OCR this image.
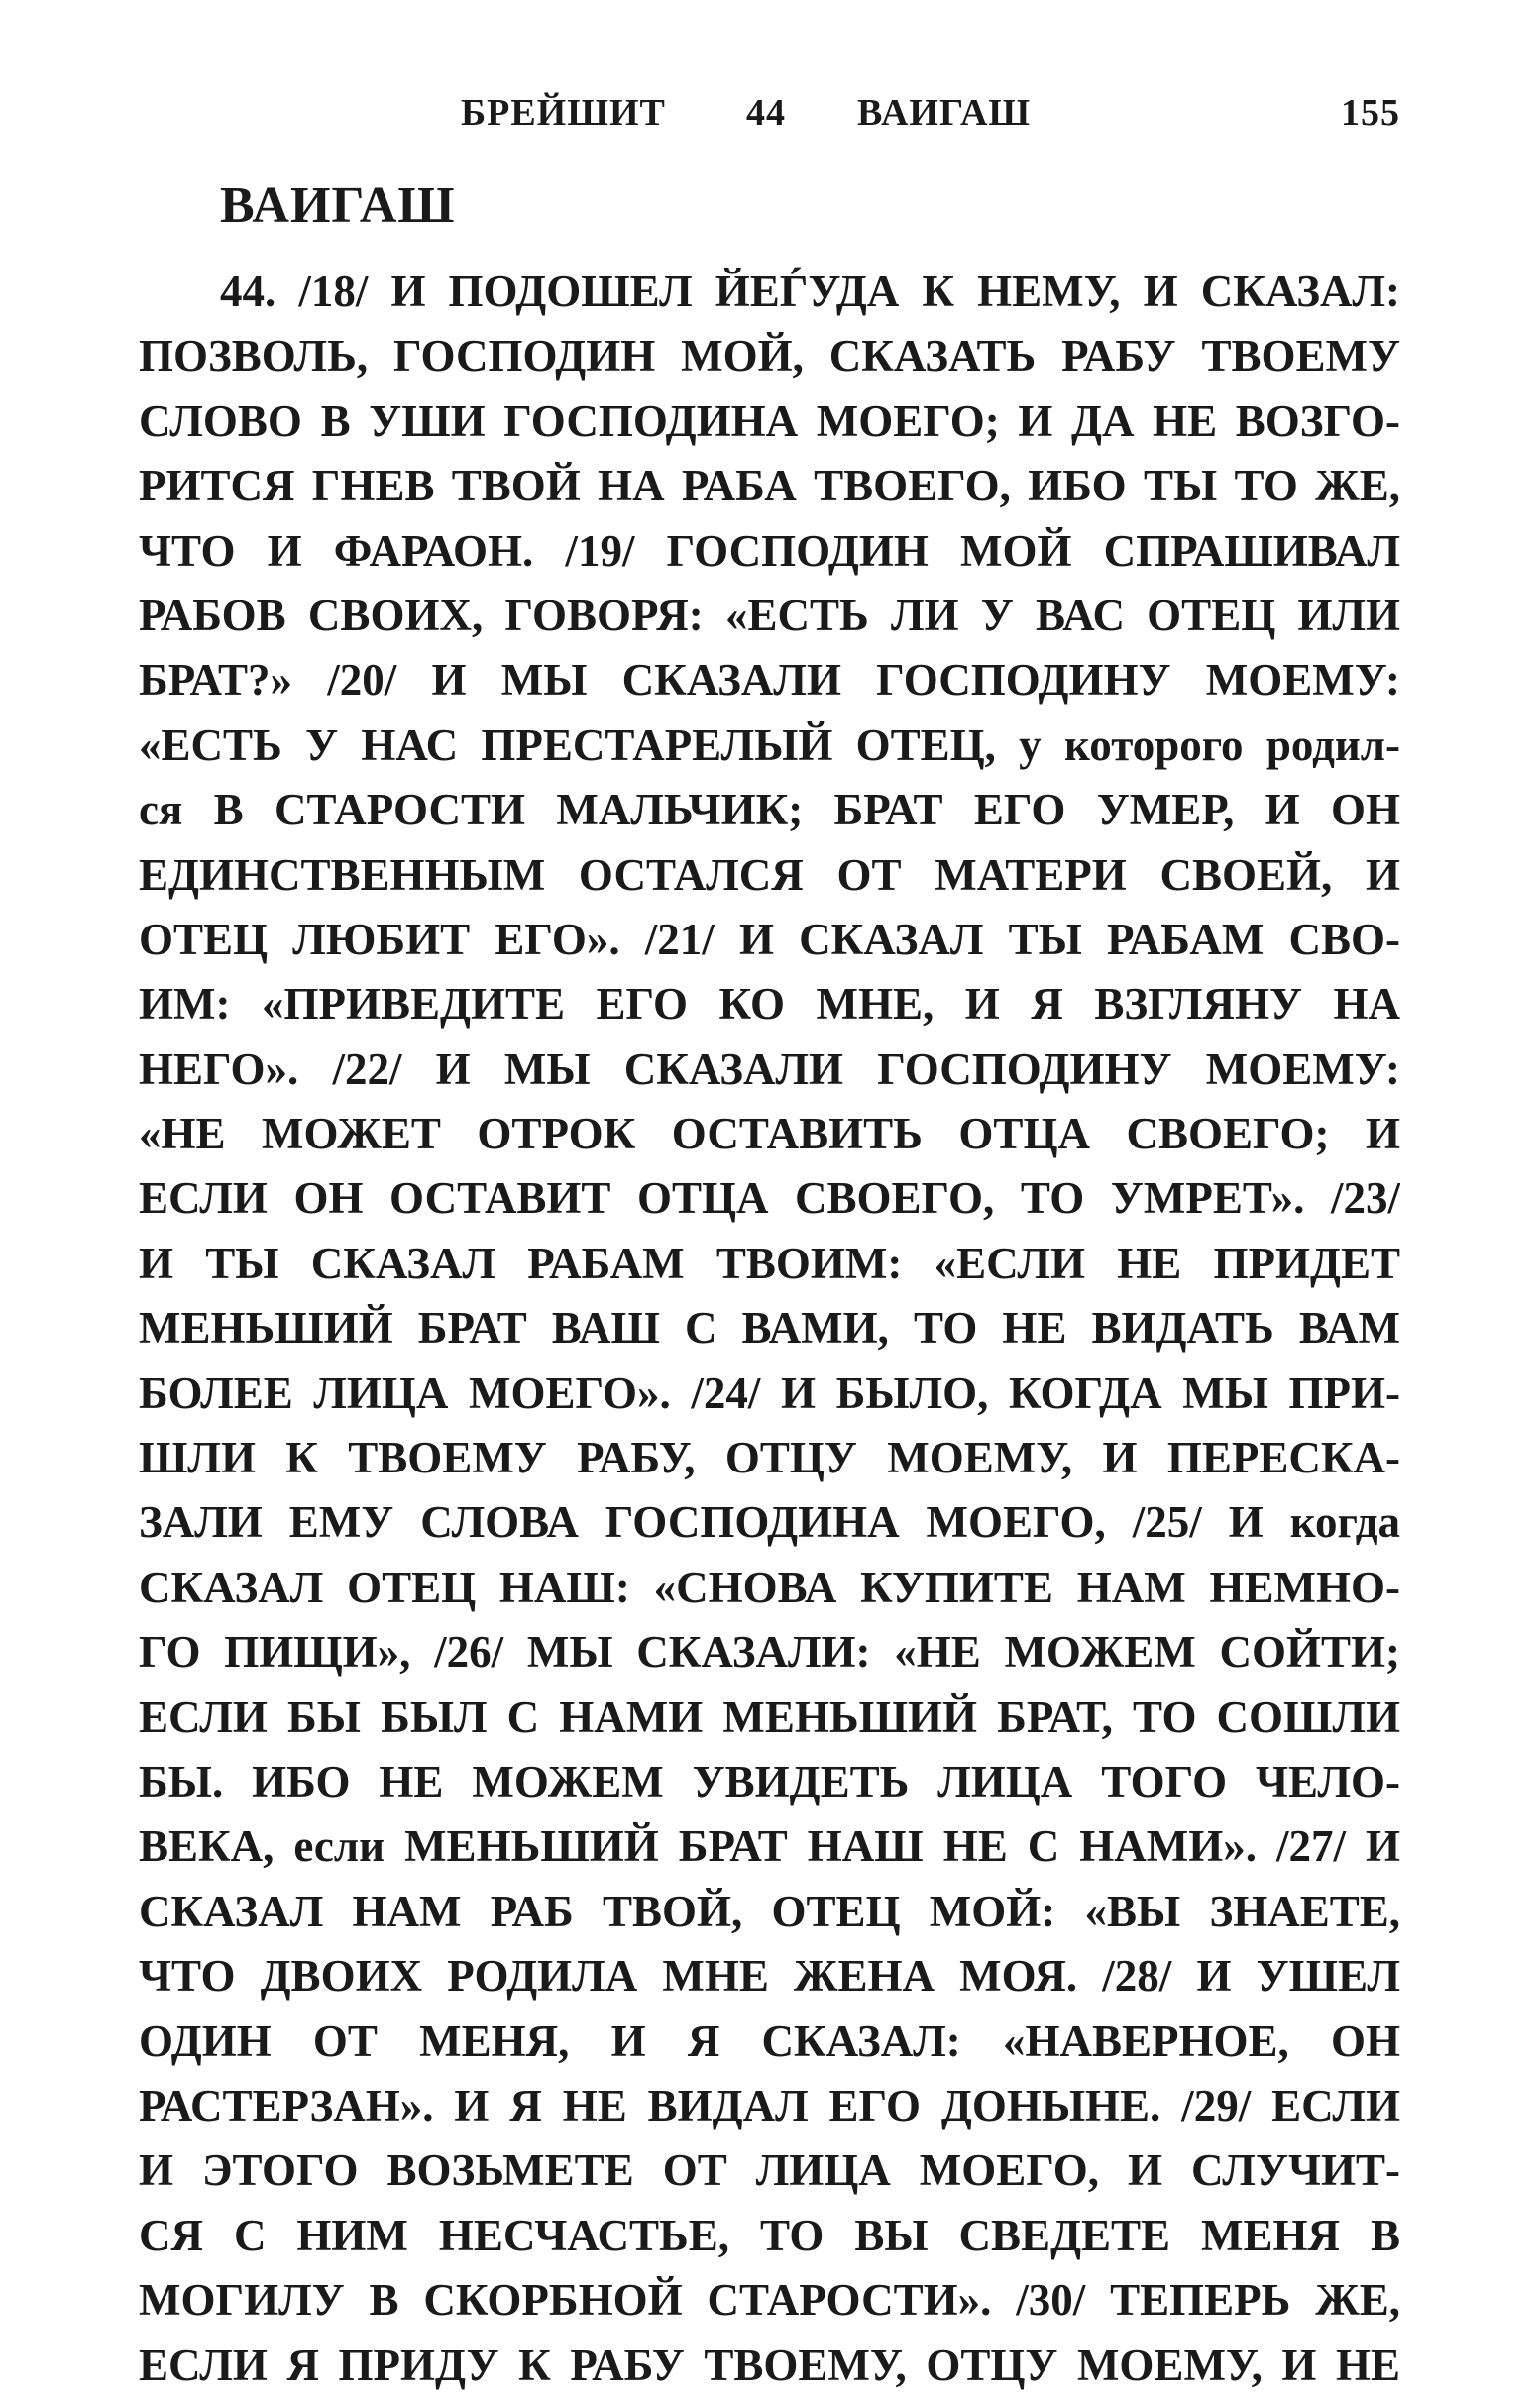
БРЕЙШИТ 44 ВАИГАШ	155
ВАИГАШ
44. /18/ И ПОДОШЕЛ ЙЕЃУДА К НЕМУ, И СКАЗАЛ:
ПОЗВОЛЬ, ГОСПОДИН МОЙ, СКАЗАТЬ РАБУ ТВОЕМУ
СЛОВО В УШИ ГОСПОДИНА МОЕГО; И ДА НЕ ВОЗГО-
РИТСЯ ГНЕВ ТВОЙ НА РАБА ТВОЕГО, ИБО ТЫ ТО ЖЕ,
ЧТО И ФАРАОН. /19/ ГОСПОДИН МОЙ СПРАШИВАЛ
РАБОВ СВОИХ, ГОВОРЯ: «ЕСТЬ ЛИ У ВАС ОТЕЦ ИЛИ
БРАТ?» /20/ И МЫ СКАЗАЛИ ГОСПОДИНУ МОЕМУ:
«ЕСТЬ У НАС ПРЕСТАРЕЛЫЙ ОТЕЦ, у которого родил-
ся В СТАРОСТИ МАЛЬЧИК; БРАТ ЕГО УМЕР, И ОН
ЕДИНСТВЕННЫМ ОСТАЛСЯ ОТ МАТЕРИ СВОЕЙ, И
ОТЕЦ ЛЮБИТ ЕГО». /21/ И СКАЗАЛ ТЫ РАБАМ СВО-
ИМ: «ПРИВЕДИТЕ ЕГО КО МНЕ, И Я ВЗГЛЯНУ НА
НЕГО». /22/ И МЫ СКАЗАЛИ ГОСПОДИНУ МОЕМУ:
«НЕ МОЖЕТ ОТРОК ОСТАВИТЬ ОТЦА СВОЕГО; И
ЕСЛИ ОН ОСТАВИТ ОТЦА СВОЕГО, ТО УМРЕТ». /23/
И ТЫ СКАЗАЛ РАБАМ ТВОИМ: «ЕСЛИ НЕ ПРИДЕТ
МЕНЬШИЙ БРАТ ВАШ С ВАМИ, ТО НЕ ВИДАТЬ ВАМ
БОЛЕЕ ЛИЦА МОЕГО». /24/ И БЫЛО, КОГДА МЫ ПРИ-
ШЛИ К ТВОЕМУ РАБУ, ОТЦУ МОЕМУ, И ПЕРЕСКА-
ЗАЛИ ЕМУ СЛОВА ГОСПОДИНА МОЕГО, /25/ И когда
СКАЗАЛ ОТЕЦ НАШ: «СНОВА КУПИТЕ НАМ НЕМНО-
ГО ПИЩИ», /26/ МЫ СКАЗАЛИ: «НЕ МОЖЕМ СОЙТИ;
ЕСЛИ БЫ БЫЛ С НАМИ МЕНЬШИЙ БРАТ, ТО СОШЛИ
БЫ. ИБО НЕ МОЖЕМ УВИДЕТЬ ЛИЦА ТОГО ЧЕЛО-
ВЕКА, если МЕНЬШИЙ БРАТ НАШ НЕ С НАМИ». /27/ И
СКАЗАЛ НАМ РАБ ТВОЙ, ОТЕЦ МОЙ: «ВЫ ЗНАЕТЕ,
ЧТО ДВОИХ РОДИЛА МНЕ ЖЕНА МОЯ. /28/ И УШЕЛ
ОДИН ОТ МЕНЯ, И Я СКАЗАЛ: «НАВЕРНОЕ, ОН
РАСТЕРЗАН». И Я НЕ ВИДАЛ ЕГО ДОНЫНЕ. /29/ ЕСЛИ
И ЭТОГО ВОЗЬМЕТЕ ОТ ЛИЦА МОЕГО, И СЛУЧИТ-
СЯ С НИМ НЕСЧАСТЬЕ, ТО ВЫ СВЕДЕТЕ МЕНЯ В
МОГИЛУ В СКОРБНОЙ СТАРОСТИ». /30/ ТЕПЕРЬ ЖЕ,
ЕСЛИ Я ПРИДУ К РАБУ ТВОЕМУ, ОТЦУ МОЕМУ, И НЕ
